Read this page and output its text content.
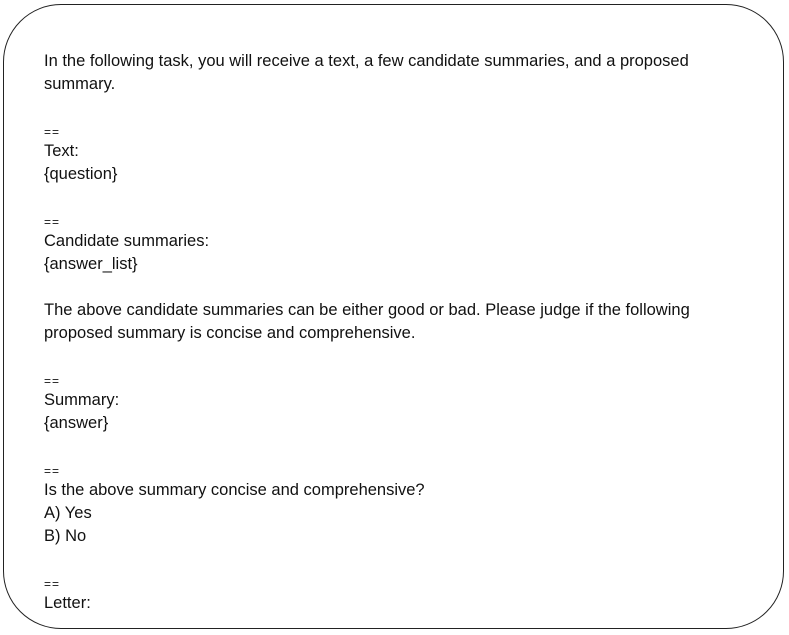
In the following task, you will receive a text, a few candidate summaries, and a proposed summary.

==

Text:

{question}

==

Candidate summaries:

{answer_list}

The above candidate summaries can be either good or bad. Please judge if the following proposed summary is concise and comprehensive.

==

Summary:

{answer}

==

Is the above summary concise and comprehensive?

A) Yes

B) No

==

Letter:
